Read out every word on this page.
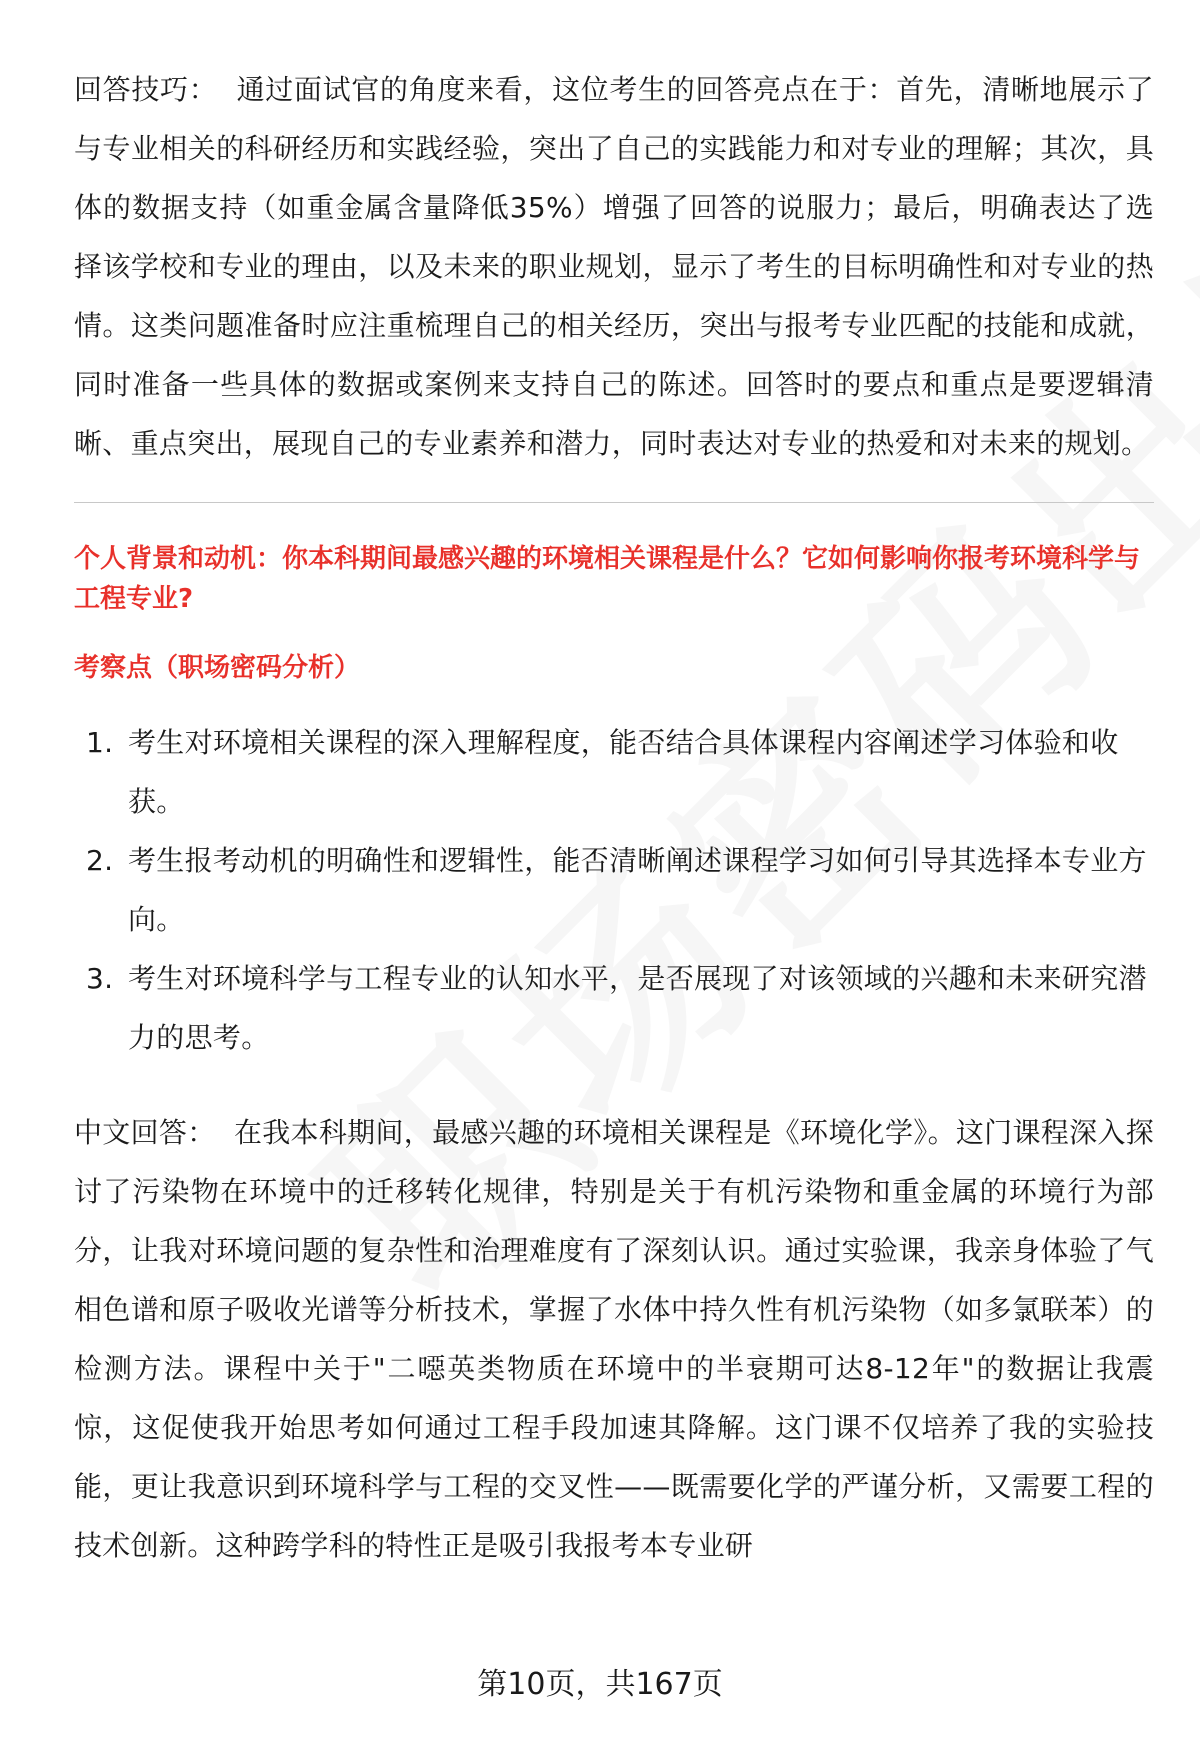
回答技巧： 通过面试官的角度来看，这位考生的回答亮点在于：首先，清晰地展示了与专业相关的科研经历和实践经验，突出了自己的实践能力和对专业的理解；其次，具体的数据支持（如重金属含量降低35%）增强了回答的说服力；最后，明确表达了选择该学校和专业的理由，以及未来的职业规划，显示了考生的目标明确性和对专业的热情。这类问题准备时应注重梳理自己的相关经历，突出与报考专业匹配的技能和成就，同时准备一些具体的数据或案例来支持自己的陈述。回答时的要点和重点是要逻辑清晰、重点突出，展现自己的专业素养和潜力，同时表达对专业的热爱和对未来的规划。

个人背景和动机：你本科期间最感兴趣的环境相关课程是什么？它如何影响你报考环境科学与工程专业?
考察点（职场密码分析）
1. 考生对环境相关课程的深入理解程度，能否结合具体课程内容阐述学习体验和收获。
2. 考生报考动机的明确性和逻辑性，能否清晰阐述课程学习如何引导其选择本专业方向。
3. 考生对环境科学与工程专业的认知水平，是否展现了对该领域的兴趣和未来研究潜力的思考。

中文回答： 在我本科期间，最感兴趣的环境相关课程是《环境化学》。这门课程深入探讨了污染物在环境中的迁移转化规律，特别是关于有机污染物和重金属的环境行为部分，让我对环境问题的复杂性和治理难度有了深刻认识。通过实验课，我亲身体验了气相色谱和原子吸收光谱等分析技术，掌握了水体中持久性有机污染物（如多氯联苯）的检测方法。课程中关于"二噁英类物质在环境中的半衰期可达8-12年"的数据让我震惊，这促使我开始思考如何通过工程手段加速其降解。这门课不仅培养了我的实验技能，更让我意识到环境科学与工程的交叉性——既需要化学的严谨分析，又需要工程的技术创新。这种跨学科的特性正是吸引我报考本专业研

第10页，共167页
